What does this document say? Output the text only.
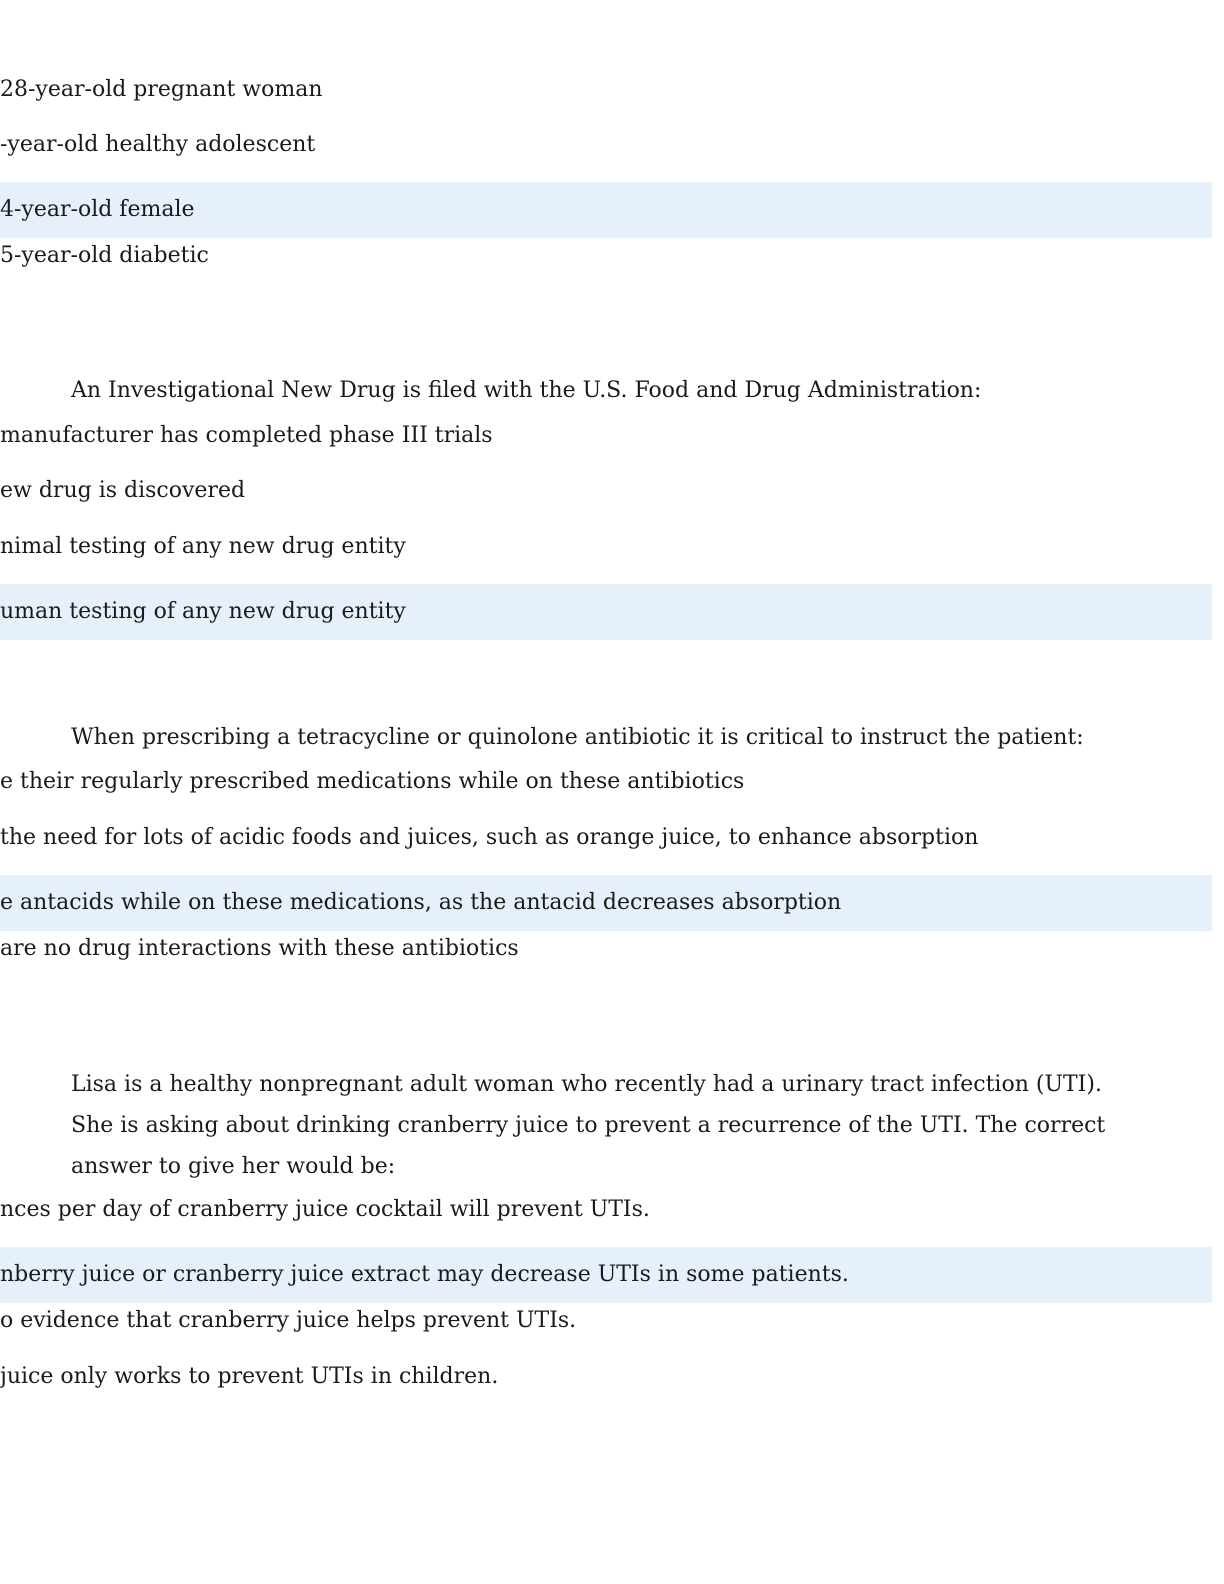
28-year-old pregnant woman
-year-old healthy adolescent
4-year-old female
5-year-old diabetic
An Investigational New Drug is filed with the U.S. Food and Drug Administration:
manufacturer has completed phase III trials
ew drug is discovered
nimal testing of any new drug entity
uman testing of any new drug entity
When prescribing a tetracycline or quinolone antibiotic it is critical to instruct the patient:
e their regularly prescribed medications while on these antibiotics
the need for lots of acidic foods and juices, such as orange juice, to enhance absorption
e antacids while on these medications, as the antacid decreases absorption
are no drug interactions with these antibiotics
Lisa is a healthy nonpregnant adult woman who recently had a urinary tract infection (UTI). She is asking about drinking cranberry juice to prevent a recurrence of the UTI. The correct answer to give her would be:
nces per day of cranberry juice cocktail will prevent UTIs.
nberry juice or cranberry juice extract may decrease UTIs in some patients.
o evidence that cranberry juice helps prevent UTIs.
juice only works to prevent UTIs in children.
